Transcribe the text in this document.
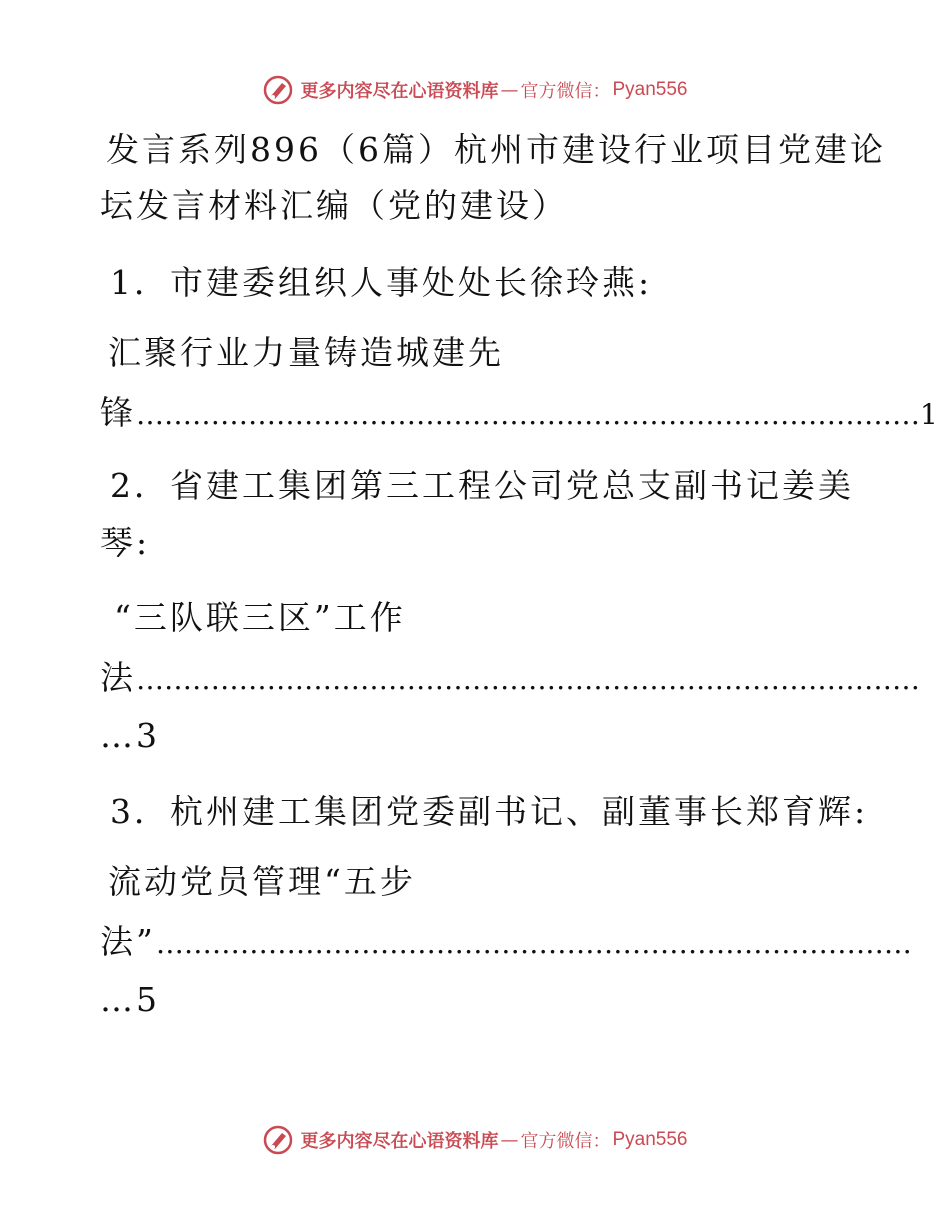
更多内容尽在心语资料库 — 官方微信： Pyan556
发言系列896（6篇）杭州市建设行业项目党建论
坛发言材料汇编（党的建设）
1．市建委组织人事处处长徐玲燕:
汇聚行业力量铸造城建先
锋…………………………………………………………………………1
2．省建工集团第三工程公司党总支副书记姜美
琴:
“三队联三区”工作
法…………………………………………………………………………
…3
3．杭州建工集团党委副书记、副董事长郑育辉:
流动党员管理“五步
法”………………………………………………………………………
…5
更多内容尽在心语资料库 — 官方微信： Pyan556
